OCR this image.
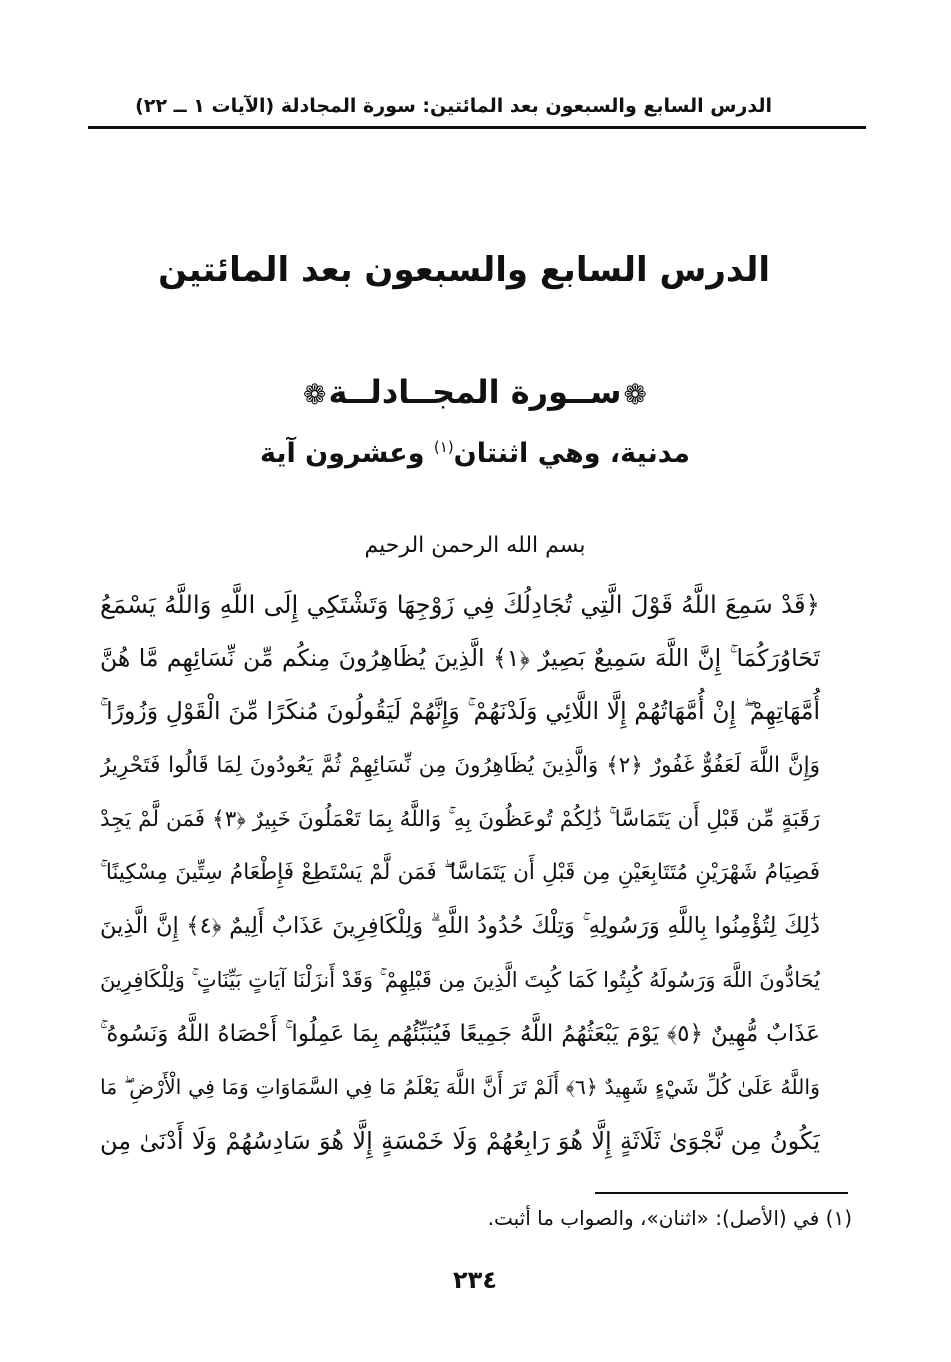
الدرس السابع والسبعون بعد المائتين: سورة المجادلة (الآيات ١ ــ ٢٢)
الدرس السابع والسبعون بعد المائتين
❁ســورة المجــادلــة❁
مدنية، وهي اثنتان$^{(١)}$ وعشرون آية
بسم الله الرحمن الرحيم
﴿قَدْ سَمِعَ اللَّهُ قَوْلَ الَّتِي تُجَادِلُكَ فِي زَوْجِهَا وَتَشْتَكِي إِلَى اللَّهِ وَاللَّهُ يَسْمَعُ
تَحَاوُرَكُمَا ۚ إِنَّ اللَّهَ سَمِيعٌ بَصِيرٌ ﴿١﴾ الَّذِينَ يُظَاهِرُونَ مِنكُم مِّن نِّسَائِهِم مَّا هُنَّ
أُمَّهَاتِهِمْ ۖ إِنْ أُمَّهَاتُهُمْ إِلَّا اللَّائِي وَلَدْنَهُمْ ۚ وَإِنَّهُمْ لَيَقُولُونَ مُنكَرًا مِّنَ الْقَوْلِ وَزُورًا ۚ
وَإِنَّ اللَّهَ لَعَفُوٌّ غَفُورٌ ﴿٢﴾ وَالَّذِينَ يُظَاهِرُونَ مِن نِّسَائِهِمْ ثُمَّ يَعُودُونَ لِمَا قَالُوا فَتَحْرِيرُ
رَقَبَةٍ مِّن قَبْلِ أَن يَتَمَاسَّا ۚ ذَٰلِكُمْ تُوعَظُونَ بِهِ ۚ وَاللَّهُ بِمَا تَعْمَلُونَ خَبِيرٌ ﴿٣﴾ فَمَن لَّمْ يَجِدْ
فَصِيَامُ شَهْرَيْنِ مُتَتَابِعَيْنِ مِن قَبْلِ أَن يَتَمَاسَّا ۖ فَمَن لَّمْ يَسْتَطِعْ فَإِطْعَامُ سِتِّينَ مِسْكِينًا ۚ
ذَٰلِكَ لِتُؤْمِنُوا بِاللَّهِ وَرَسُولِهِ ۚ وَتِلْكَ حُدُودُ اللَّهِ ۗ وَلِلْكَافِرِينَ عَذَابٌ أَلِيمٌ ﴿٤﴾ إِنَّ الَّذِينَ
يُحَادُّونَ اللَّهَ وَرَسُولَهُ كُبِتُوا كَمَا كُبِتَ الَّذِينَ مِن قَبْلِهِمْ ۚ وَقَدْ أَنزَلْنَا آيَاتٍ بَيِّنَاتٍ ۚ وَلِلْكَافِرِينَ
عَذَابٌ مُّهِينٌ ﴿٥﴾ يَوْمَ يَبْعَثُهُمُ اللَّهُ جَمِيعًا فَيُنَبِّئُهُم بِمَا عَمِلُوا ۚ أَحْصَاهُ اللَّهُ وَنَسُوهُ ۚ
وَاللَّهُ عَلَىٰ كُلِّ شَيْءٍ شَهِيدٌ ﴿٦﴾ أَلَمْ تَرَ أَنَّ اللَّهَ يَعْلَمُ مَا فِي السَّمَاوَاتِ وَمَا فِي الْأَرْضِ ۖ مَا
يَكُونُ مِن نَّجْوَىٰ ثَلَاثَةٍ إِلَّا هُوَ رَابِعُهُمْ وَلَا خَمْسَةٍ إِلَّا هُوَ سَادِسُهُمْ وَلَا أَدْنَىٰ مِن
(١) في (الأصل): «اثنان»، والصواب ما أثبت.
٢٣٤
